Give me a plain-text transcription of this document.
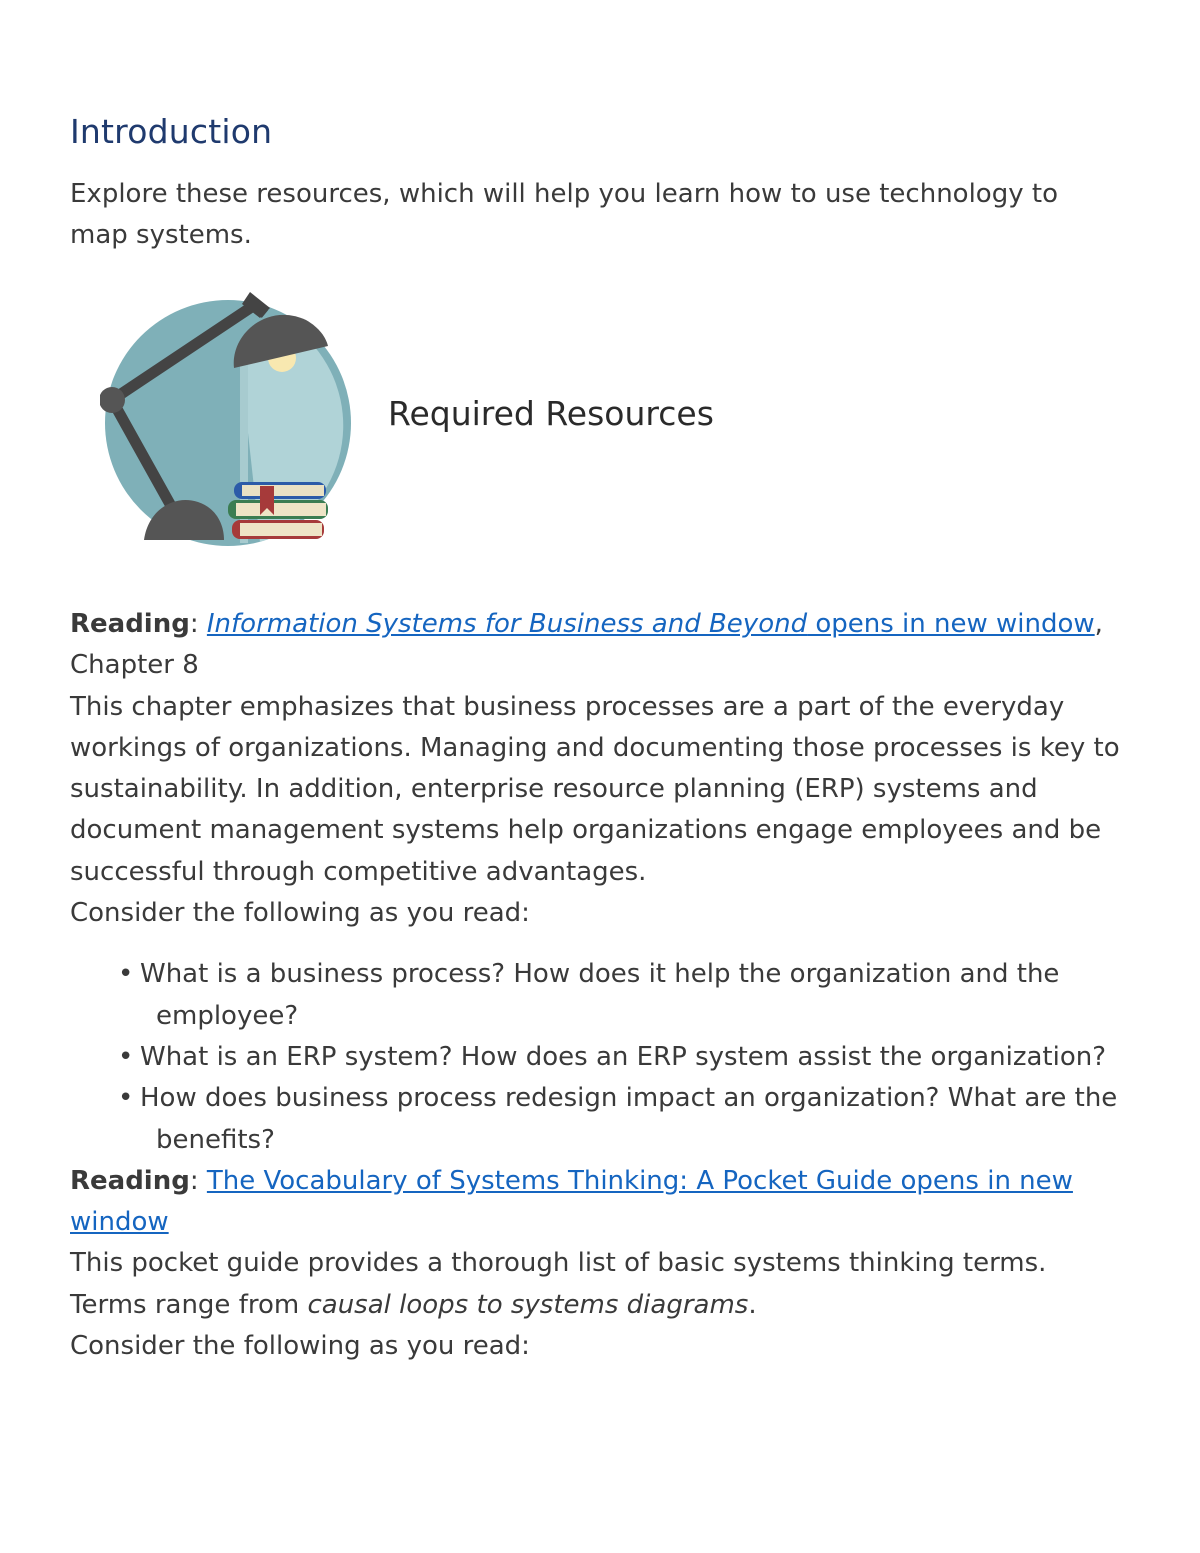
Introduction

Explore these resources, which will help you learn how to use technology to map systems.

Required Resources

Reading: Information Systems for Business and Beyond opens in new window, Chapter 8

This chapter emphasizes that business processes are a part of the everyday workings of organizations. Managing and documenting those processes is key to sustainability. In addition, enterprise resource planning (ERP) systems and document management systems help organizations engage employees and be successful through competitive advantages.

Consider the following as you read:

• What is a business process? How does it help the organization and the employee?
• What is an ERP system? How does an ERP system assist the organization?
• How does business process redesign impact an organization? What are the benefits?

Reading: The Vocabulary of Systems Thinking: A Pocket Guide opens in new window

This pocket guide provides a thorough list of basic systems thinking terms. Terms range from causal loops to systems diagrams.

Consider the following as you read:
